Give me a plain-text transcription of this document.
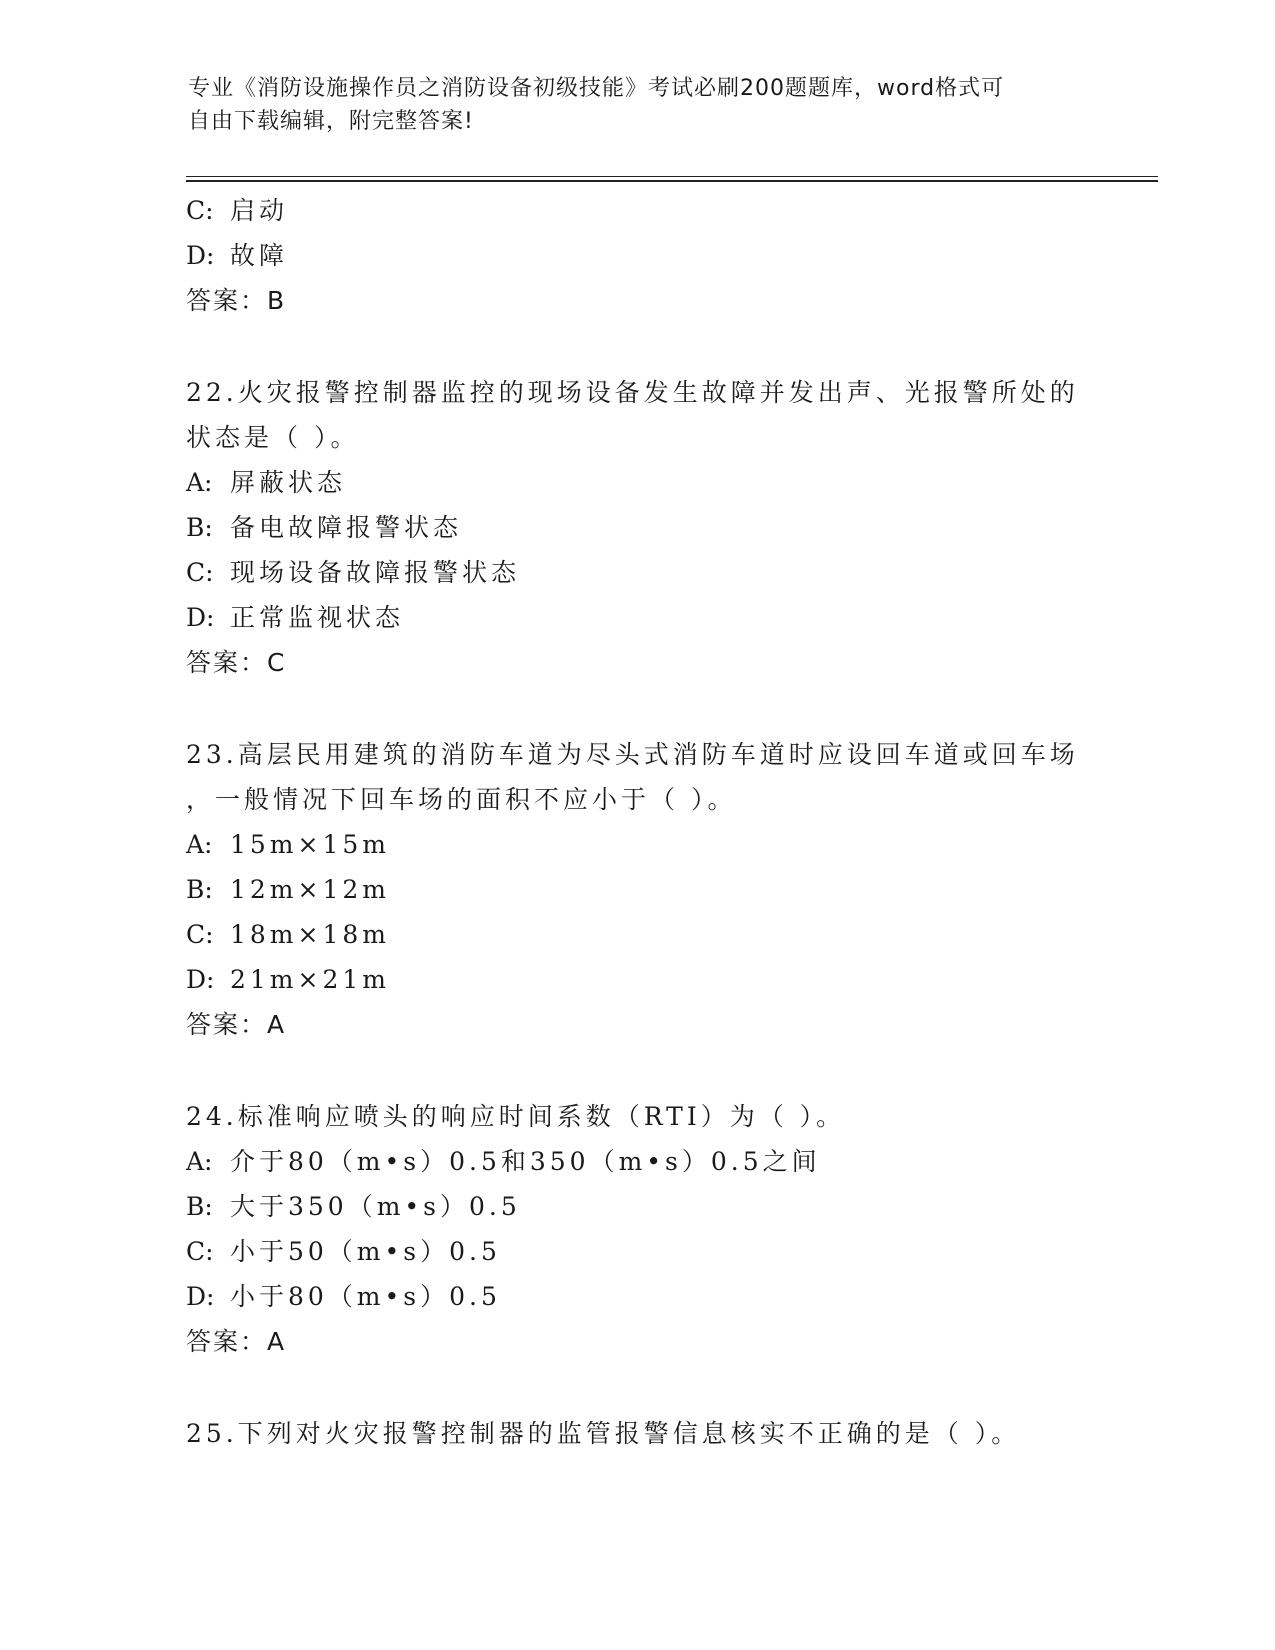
专业《消防设施操作员之消防设备初级技能》考试必刷200题题库，word格式可
自由下载编辑，附完整答案!
C: 启动
D: 故障
答案：B
22.火灾报警控制器监控的现场设备发生故障并发出声、光报警所处的
状态是（ ）。
A: 屏蔽状态
B: 备电故障报警状态
C: 现场设备故障报警状态
D: 正常监视状态
答案：C
23.高层民用建筑的消防车道为尽头式消防车道时应设回车道或回车场
，一般情况下回车场的面积不应小于（ ）。
A: 15m×15m
B: 12m×12m
C: 18m×18m
D: 21m×21m
答案：A
24.标准响应喷头的响应时间系数（RTI）为（ ）。
A: 介于80（m•s）0.5和350（m•s）0.5之间
B: 大于350（m•s）0.5
C: 小于50（m•s）0.5
D: 小于80（m•s）0.5
答案：A
25.下列对火灾报警控制器的监管报警信息核实不正确的是（ ）。
